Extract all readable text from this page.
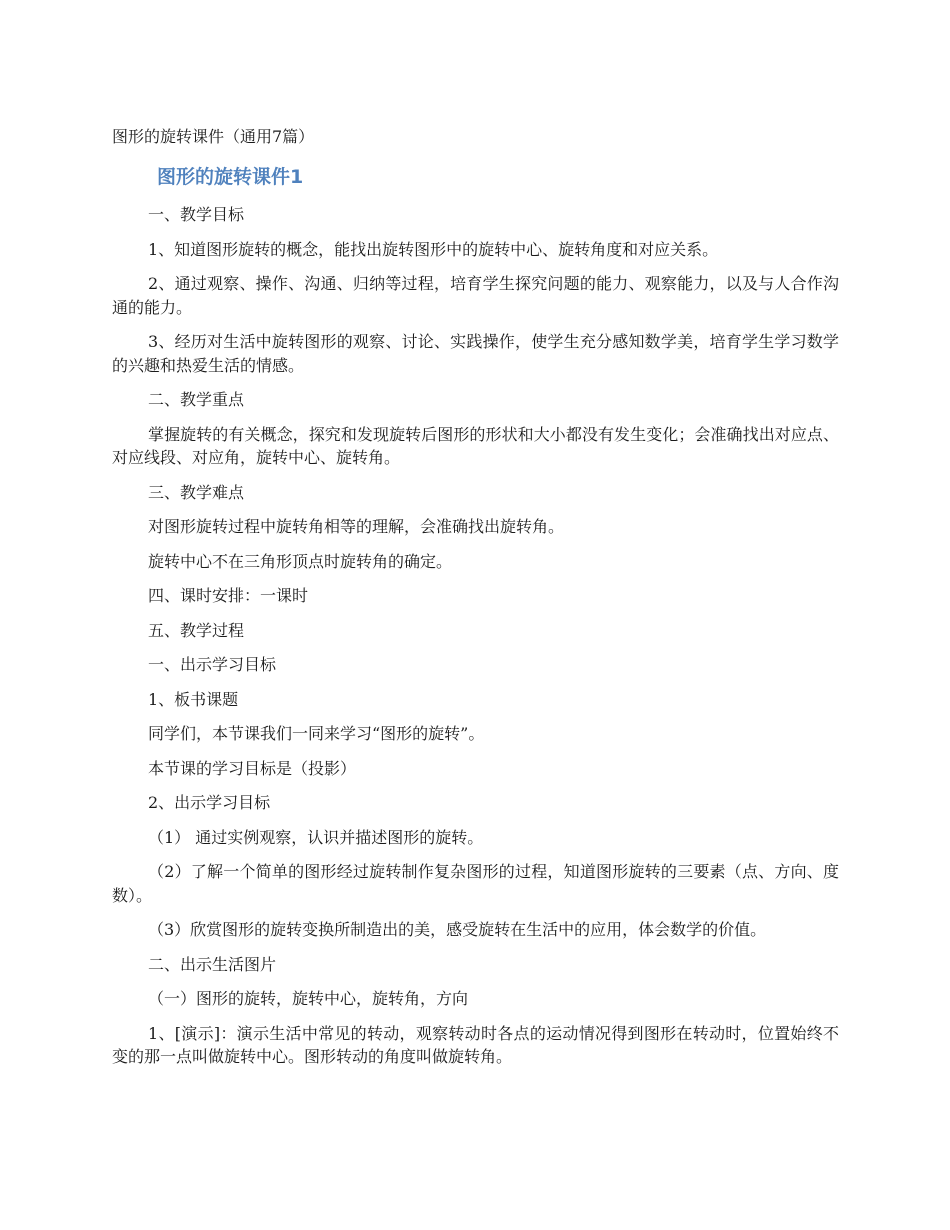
图形的旋转课件（通用7篇）
图形的旋转课件1

一、教学目标

1、知道图形旋转的概念，能找出旋转图形中的旋转中心、旋转角度和对应关系。

2、通过观察、操作、沟通、归纳等过程，培育学生探究问题的能力、观察能力，以及与人合作沟通的能力。

3、经历对生活中旋转图形的观察、讨论、实践操作，使学生充分感知数学美，培育学生学习数学的兴趣和热爱生活的情感。

二、教学重点

掌握旋转的有关概念，探究和发现旋转后图形的形状和大小都没有发生变化；会准确找出对应点、对应线段、对应角，旋转中心、旋转角。

三、教学难点

对图形旋转过程中旋转角相等的理解，会准确找出旋转角。

旋转中心不在三角形顶点时旋转角的确定。

四、课时安排：一课时

五、教学过程

一、出示学习目标

1、板书课题

同学们，本节课我们一同来学习“图形的旋转”。

本节课的学习目标是（投影）

2、出示学习目标

（1） 通过实例观察，认识并描述图形的旋转。

（2）了解一个简单的图形经过旋转制作复杂图形的过程，知道图形旋转的三要素（点、方向、度数）。

（3）欣赏图形的旋转变换所制造出的美，感受旋转在生活中的应用，体会数学的价值。

二、出示生活图片

（一）图形的旋转，旋转中心，旋转角，方向

1、[演示]：演示生活中常见的转动，观察转动时各点的运动情况得到图形在转动时，位置始终不变的那一点叫做旋转中心。图形转动的角度叫做旋转角。
